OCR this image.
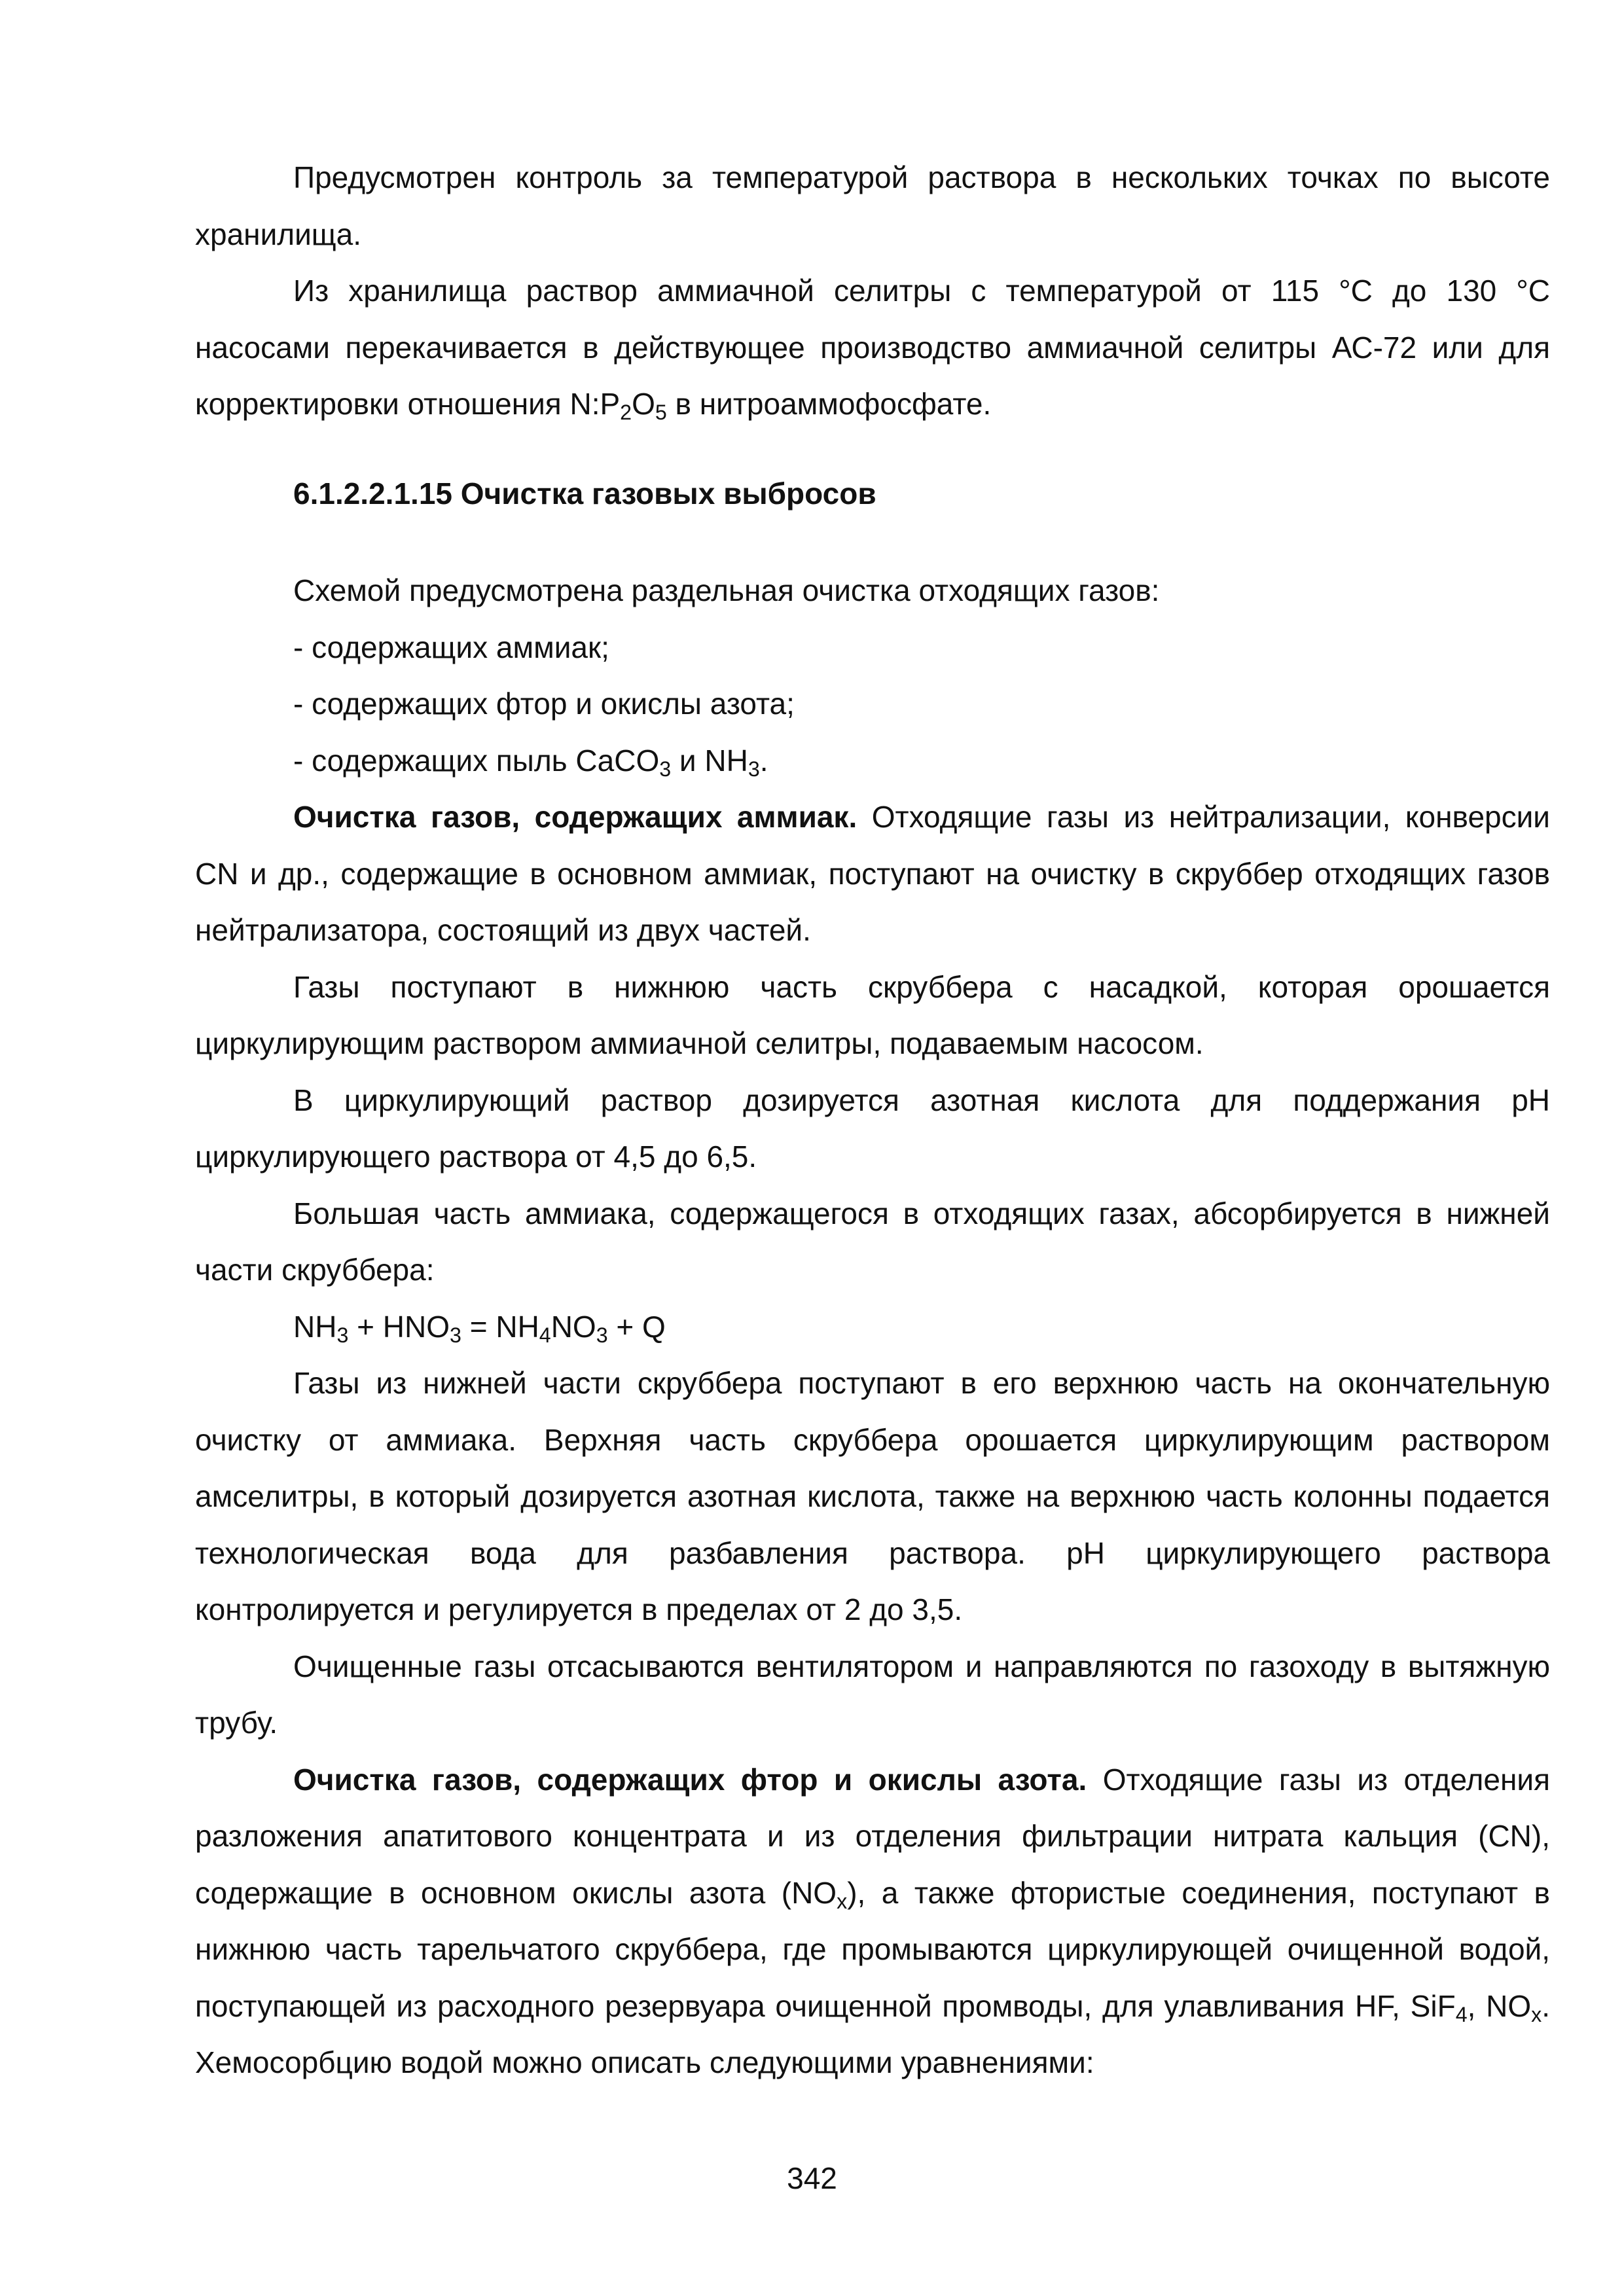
Предусмотрен контроль за температурой раствора в нескольких точках по высоте хранилища.

Из хранилища раствор аммиачной селитры с температурой от 115 °С до 130 °С насосами перекачивается в действующее производство аммиачной селитры АС-72 или для корректировки отношения $N:P_2O_5$ в нитроаммофосфате.

6.1.2.2.1.15 Очистка газовых выбросов

Схемой предусмотрена раздельная очистка отходящих газов:

- содержащих аммиак;

- содержащих фтор и окислы азота;

- содержащих пыль CaCO$_3$ и $NH_3$.

Очистка газов, содержащих аммиак. Отходящие газы из нейтрализации, конверсии CN и др., содержащие в основном аммиак, поступают на очистку в скруббер отходящих газов нейтрализатора, состоящий из двух частей.

Газы поступают в нижнюю часть скруббера с насадкой, которая орошается циркулирующим раствором аммиачной селитры, подаваемым насосом.

В циркулирующий раствор дозируется азотная кислота для поддержания pH циркулирующего раствора от 4,5 до 6,5.

Большая часть аммиака, содержащегося в отходящих газах, абсорбируется в нижней части скруббера:

$NH_3 + HNO_3 = NH_4NO_3 + Q$

Газы из нижней части скруббера поступают в его верхнюю часть на окончательную очистку от аммиака. Верхняя часть скруббера орошается циркулирующим раствором амселитры, в который дозируется азотная кислота, также на верхнюю часть колонны подается технологическая вода для разбавления раствора. pH циркулирующего раствора контролируется и регулируется в пределах от 2 до 3,5.

Очищенные газы отсасываются вентилятором и направляются по газоходу в вытяжную трубу.

Очистка газов, содержащих фтор и окислы азота. Отходящие газы из отделения разложения апатитового концентрата и из отделения фильтрации нитрата кальция (CN), содержащие в основном окислы азота $(NO_x)$, а также фтористые соединения, поступают в нижнюю часть тарельчатого скруббера, где промываются циркулирующей очищенной водой, поступающей из расходного резервуара очищенной промводы, для улавливания HF, SiF$_4$, $NO_x$. Хемосорбцию водой можно описать следующими уравнениями:

342
